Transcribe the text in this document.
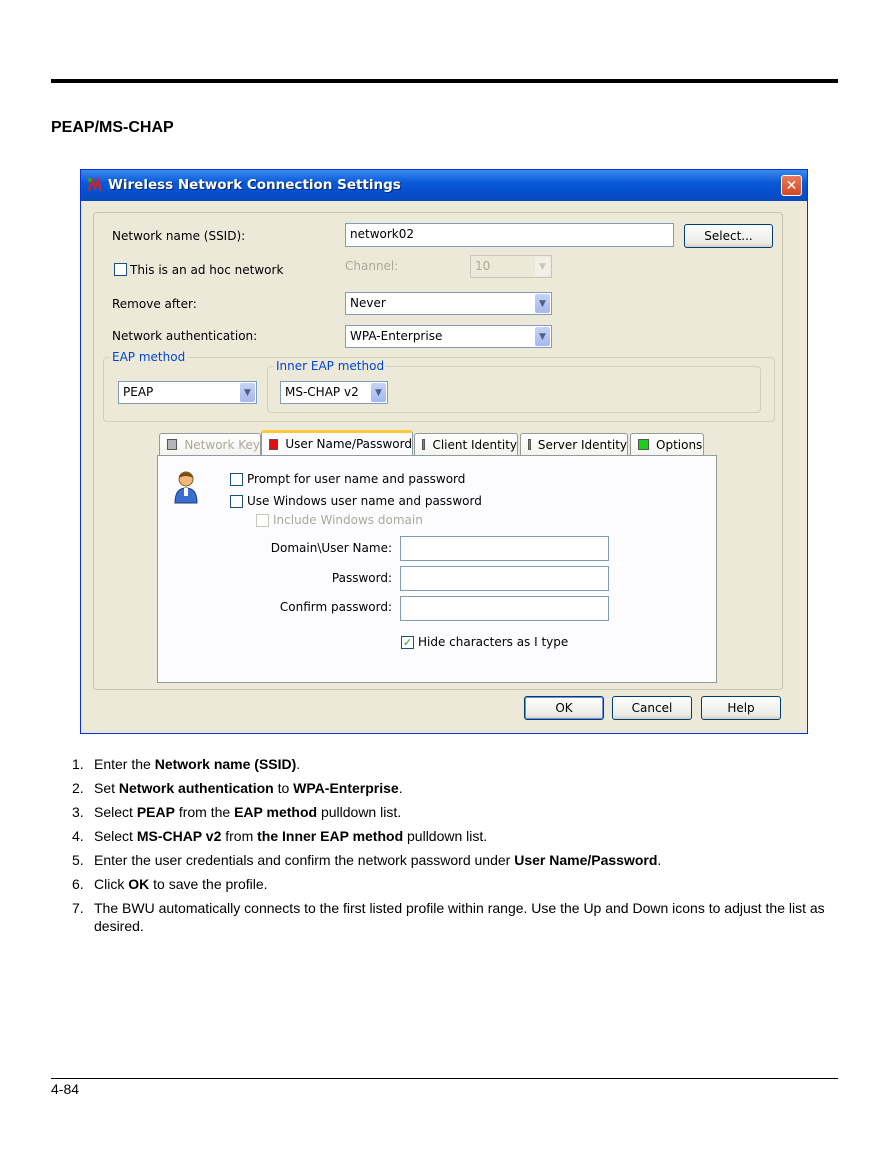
PEAP/MS-CHAP
Wireless Network Connection Settings	✕
Network name (SSID):	network02	Select...
This is an ad hoc network	Channel:	10	▼
Remove after:	Never	▼
Network authentication:	WPA-Enterprise	▼
EAP method
PEAP	▼
Inner EAP method
MS-CHAP v2	▼
Network Key User Name/Password Client Identity Server Identity Options
Prompt for user name and password
Use Windows user name and password
Include Windows domain
Domain\User Name:
Password:
Confirm password:
✓ Hide characters as I type
OK	Cancel	Help
1. Enter the Network name (SSID).
2. Set Network authentication to WPA-Enterprise.
3. Select PEAP from the EAP method pulldown list.
4. Select MS-CHAP v2 from the Inner EAP method pulldown list.
5. Enter the user credentials and confirm the network password under User Name/Password.
6. Click OK to save the profile.
7. The BWU automatically connects to the first listed profile within range. Use the Up and Down icons to adjust the list as desired.
4-84
